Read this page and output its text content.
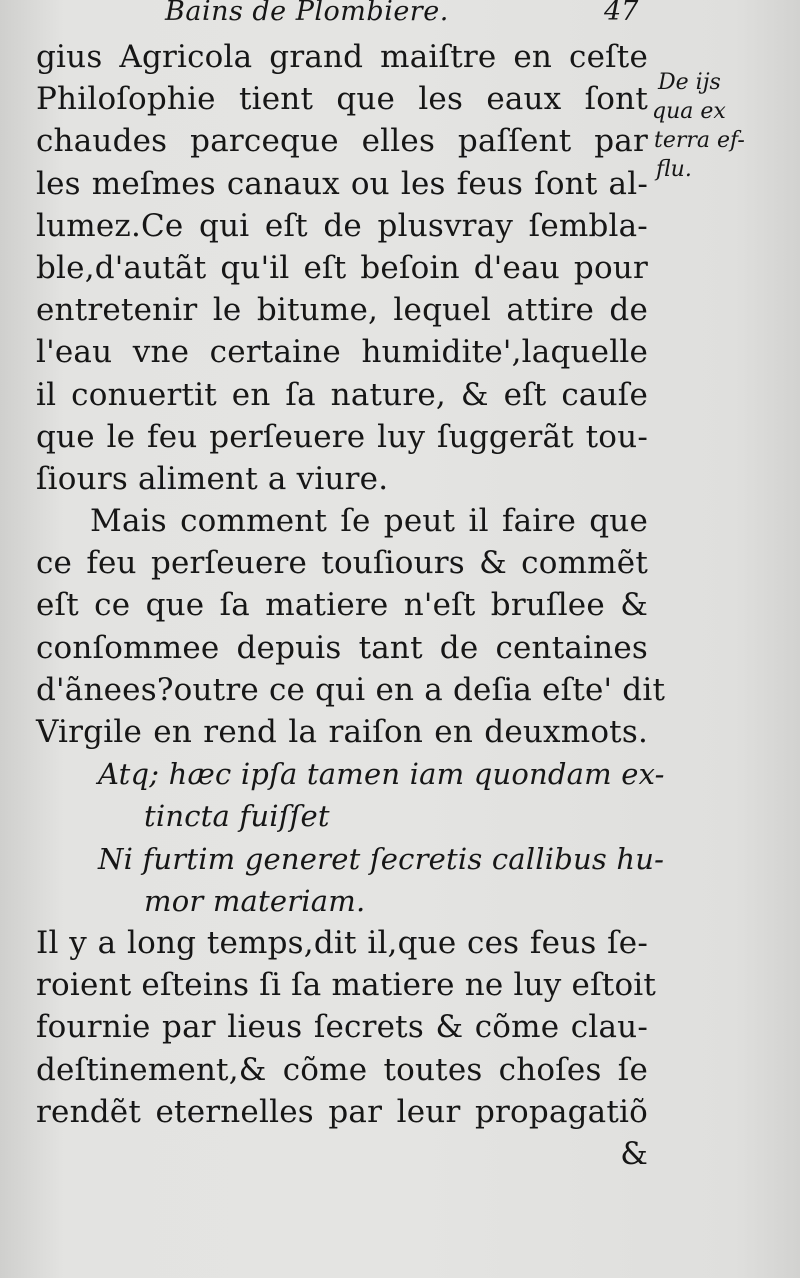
Bains de Plombiere.	47
De ijs
qua ex
terra ef-
flu.
gius Agricola grand maiſtre en ceſte
Philoſophie tient que les eaux ſont
chaudes parceque elles paſſent par
les meſmes canaux ou les feus ſont al-
lumez.Ce qui eſt de plusvray ſembla-
ble,d'autãt qu'il eſt beſoin d'eau pour
entretenir le bitume, lequel attire de
l'eau vne certaine humidite',laquelle
il conuertit en ſa nature, & eſt cauſe
que le feu perſeuere luy ſuggerãt tou-
ſiours aliment a viure.
Mais comment ſe peut il faire que
ce feu perſeuere touſiours & commẽt
eſt ce que ſa matiere n'eſt bruſlee &
conſommee depuis tant de centaines
d'ãnees?outre ce qui en a deſia eſte' dit
Virgile en rend la raiſon en deuxmots.
Atq; hæc ipſa tamen iam quondam ex-
tincta fuiſſet
Ni furtim generet ſecretis callibus hu-
mor materiam.
Il y a long temps,dit il,que ces feus ſe-
roient eſteins ſi ſa matiere ne luy eſtoit
fournie par lieus ſecrets & cõme clau-
deſtinement,& cõme toutes choſes ſe
rendẽt eternelles par leur propagatiõ
&
